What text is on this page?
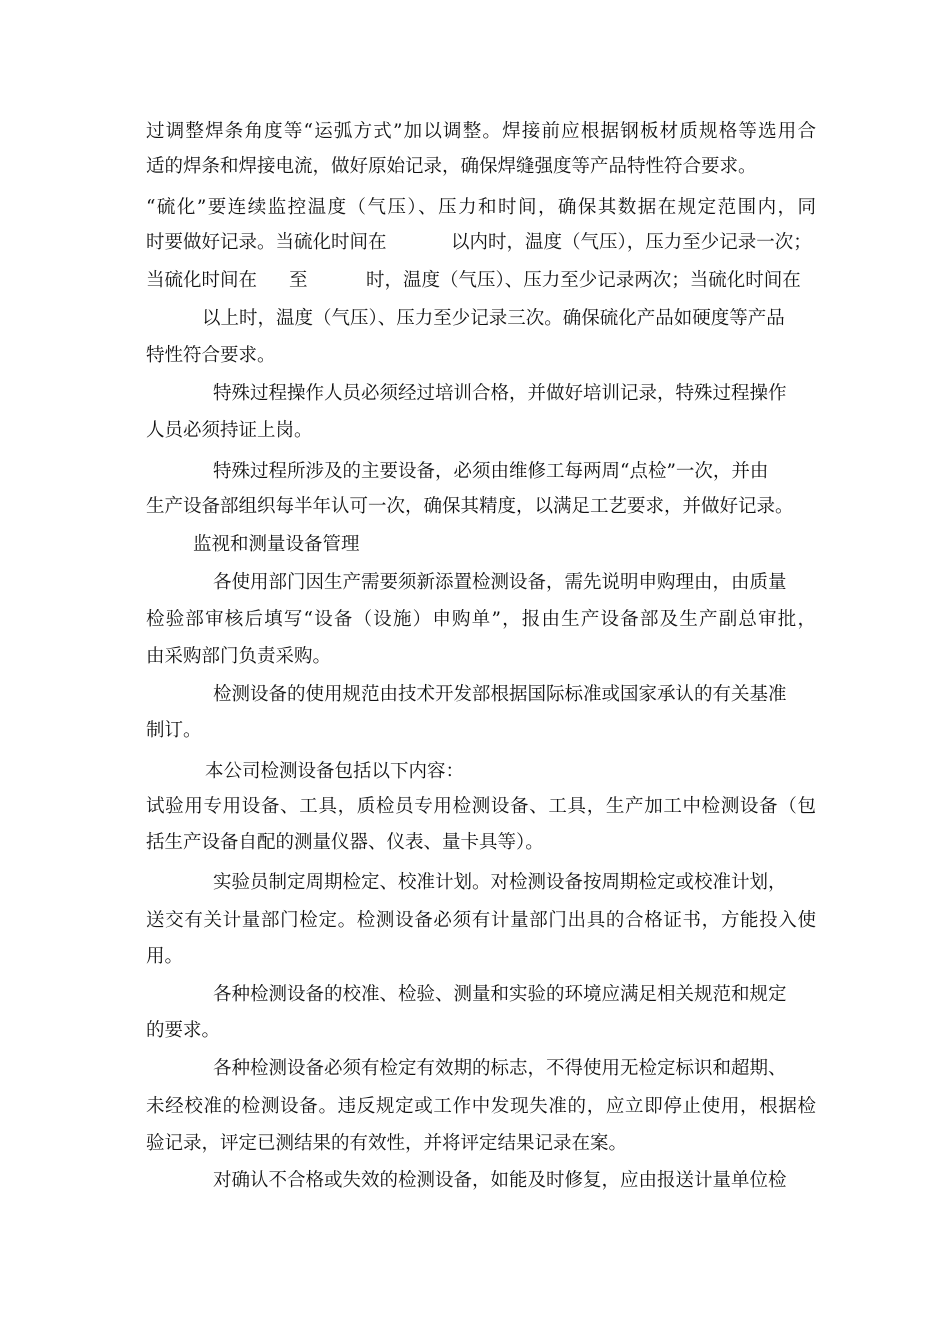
过调整焊条角度等“运弧方式”加以调整。焊接前应根据钢板材质规格等选用合
适的焊条和焊接电流，做好原始记录，确保焊缝强度等产品特性符合要求。
“硫化”要连续监控温度（气压）、压力和时间，确保其数据在规定范围内，同
时要做好记录。当硫化时间在	以内时，温度（气压），压力至少记录一次；
当硫化时间在 至	时，温度（气压）、压力至少记录两次；当硫化时间在
以上时，温度（气压）、压力至少记录三次。确保硫化产品如硬度等产品
特性符合要求。
特殊过程操作人员必须经过培训合格，并做好培训记录，特殊过程操作
人员必须持证上岗。
特殊过程所涉及的主要设备，必须由维修工每两周“点检”一次，并由
生产设备部组织每半年认可一次，确保其精度，以满足工艺要求，并做好记录。
监视和测量设备管理
各使用部门因生产需要须新添置检测设备，需先说明申购理由，由质量
检验部审核后填写“设备（设施）申购单”，报由生产设备部及生产副总审批，
由采购部门负责采购。
检测设备的使用规范由技术开发部根据国际标准或国家承认的有关基准
制订。
本公司检测设备包括以下内容：
试验用专用设备、工具，质检员专用检测设备、工具，生产加工中检测设备（包
括生产设备自配的测量仪器、仪表、量卡具等）。
实验员制定周期检定、校准计划。对检测设备按周期检定或校准计划，
送交有关计量部门检定。检测设备必须有计量部门出具的合格证书，方能投入使
用。
各种检测设备的校准、检验、测量和实验的环境应满足相关规范和规定
的要求。
各种检测设备必须有检定有效期的标志，不得使用无检定标识和超期、
未经校准的检测设备。违反规定或工作中发现失准的，应立即停止使用，根据检
验记录，评定已测结果的有效性，并将评定结果记录在案。
对确认不合格或失效的检测设备，如能及时修复，应由报送计量单位检
